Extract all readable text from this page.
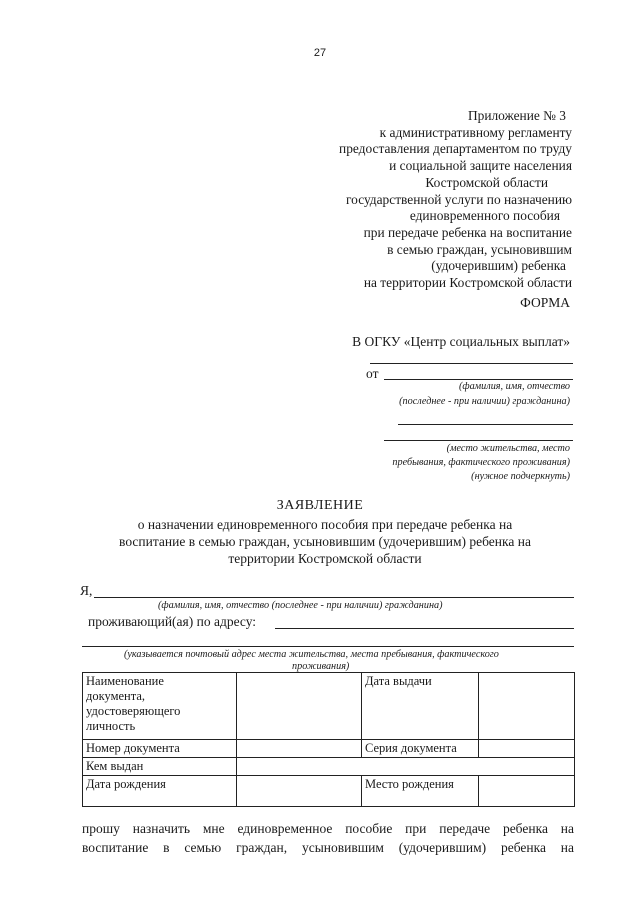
27
Приложение № 3
к административному регламенту
предоставления департаментом по труду
и социальной защите населения
Костромской области
государственной услуги по назначению
единовременного пособия
при передаче ребенка на воспитание
в семью граждан, усыновившим
(удочерившим) ребенка
на территории Костромской области
ФОРМА
В ОГКУ «Центр социальных выплат»
от
(фамилия, имя, отчество
(последнее - при наличии) гражданина)
(место жительства, место
пребывания, фактического проживания)
(нужное подчеркнуть)
ЗАЯВЛЕНИЕ
о назначении единовременного пособия при передаче ребенка на
воспитание в семью граждан, усыновившим (удочерившим) ребенка на
территории Костромской области
Я,
(фамилия, имя, отчество (последнее - при наличии) гражданина)
проживающий(ая) по адресу:
(указывается почтовый адрес места жительства, места пребывания, фактического
проживания)
Наименование
документа,
удостоверяющего
личность		Дата выдачи	
Номер документа		Серия документа	
Кем выдан			
Дата рождения		Место рождения	
прошу назначить мне единовременное пособие при передаче ребенка на
воспитание в семью граждан, усыновившим (удочерившим) ребенка на
